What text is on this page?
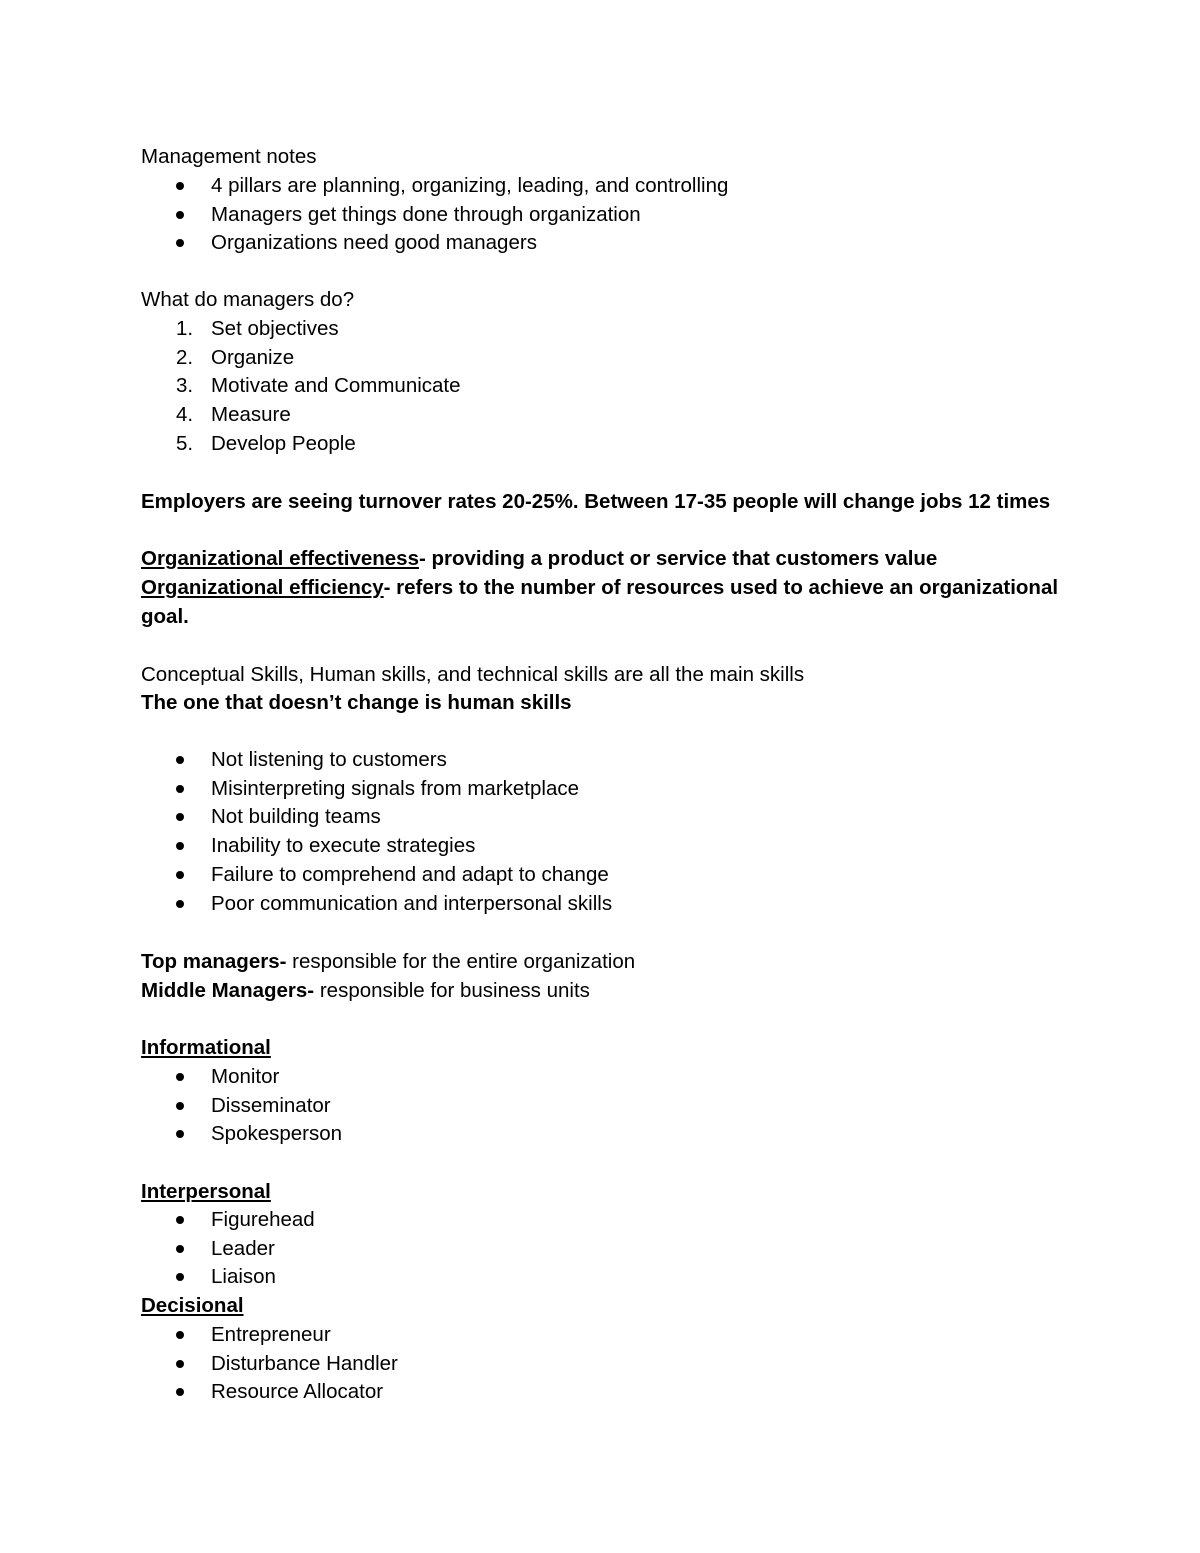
Management notes

4 pillars are planning, organizing, leading, and controlling
Managers get things done through organization
Organizations need good managers

What do managers do?

1. Set objectives
2. Organize
3. Motivate and Communicate
4. Measure
5. Develop People

Employers are seeing turnover rates 20-25%. Between 17-35 people will change jobs 12 times

Organizational effectiveness- providing a product or service that customers value

Organizational efficiency- refers to the number of resources used to achieve an organizational

goal.

Conceptual Skills, Human skills, and technical skills are all the main skills

The one that doesn’t change is human skills

Not listening to customers
Misinterpreting signals from marketplace
Not building teams
Inability to execute strategies
Failure to comprehend and adapt to change
Poor communication and interpersonal skills

Top managers- responsible for the entire organization

Middle Managers- responsible for business units

Informational

Monitor
Disseminator
Spokesperson

Interpersonal

Figurehead
Leader
Liaison

Decisional

Entrepreneur
Disturbance Handler
Resource Allocator
